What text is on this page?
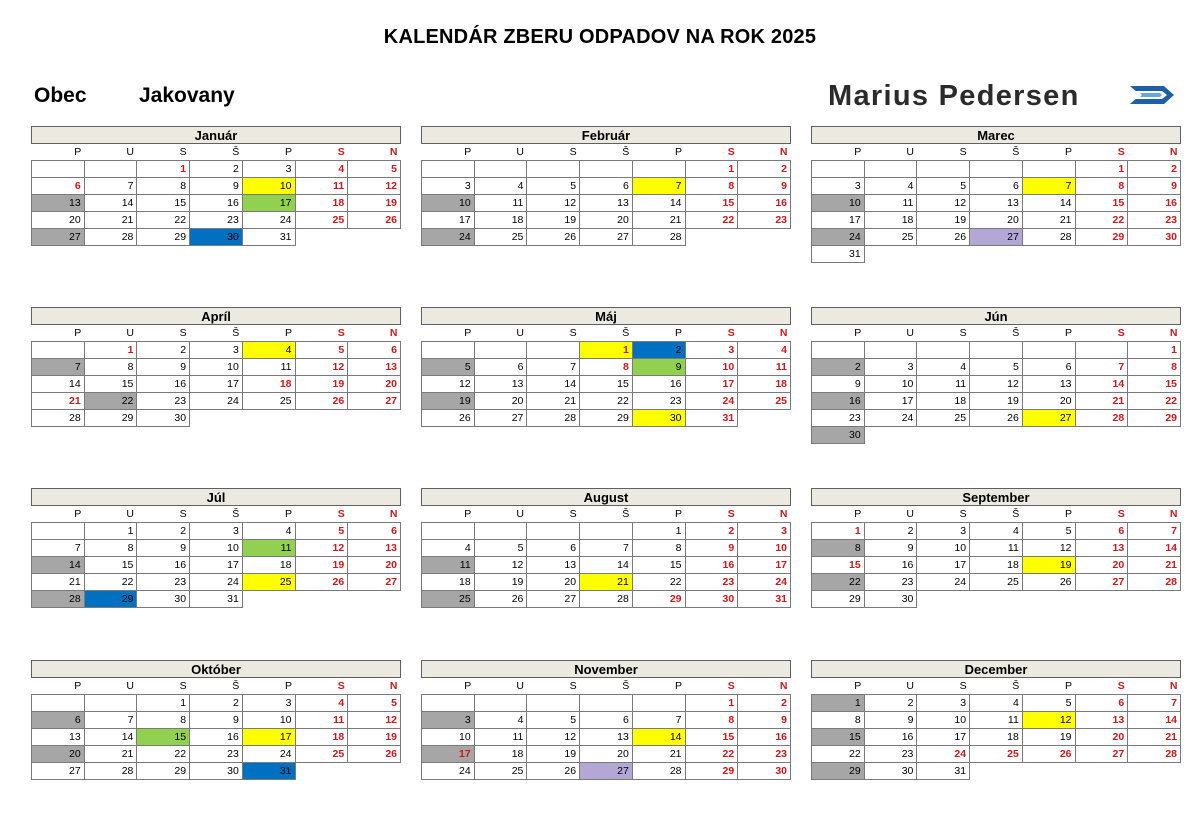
KALENDÁR ZBERU ODPADOV NA ROK 2025
Obec Jakovany	Marius Pedersen
Január
P	U	S	Š	P	S	N
		1	2	3	4	5
6	7	8	9	10	11	12
13	14	15	16	17	18	19
20	21	22	23	24	25	26
27	28	29	30	31		
Február
P	U	S	Š	P	S	N
					1	2
3	4	5	6	7	8	9
10	11	12	13	14	15	16
17	18	19	20	21	22	23
24	25	26	27	28		
Marec
P	U	S	Š	P	S	N
					1	2
3	4	5	6	7	8	9
10	11	12	13	14	15	16
17	18	19	20	21	22	23
24	25	26	27	28	29	30
31						
Apríl
P	U	S	Š	P	S	N
	1	2	3	4	5	6
7	8	9	10	11	12	13
14	15	16	17	18	19	20
21	22	23	24	25	26	27
28	29	30				
Máj
P	U	S	Š	P	S	N
			1	2	3	4
5	6	7	8	9	10	11
12	13	14	15	16	17	18
19	20	21	22	23	24	25
26	27	28	29	30	31	
Jún
P	U	S	Š	P	S	N
						1
2	3	4	5	6	7	8
9	10	11	12	13	14	15
16	17	18	19	20	21	22
23	24	25	26	27	28	29
30						
Júl
P	U	S	Š	P	S	N
	1	2	3	4	5	6
7	8	9	10	11	12	13
14	15	16	17	18	19	20
21	22	23	24	25	26	27
28	29	30	31			
August
P	U	S	Š	P	S	N
				1	2	3
4	5	6	7	8	9	10
11	12	13	14	15	16	17
18	19	20	21	22	23	24
25	26	27	28	29	30	31
September
P	U	S	Š	P	S	N
1	2	3	4	5	6	7
8	9	10	11	12	13	14
15	16	17	18	19	20	21
22	23	24	25	26	27	28
29	30					
Október
P	U	S	Š	P	S	N
		1	2	3	4	5
6	7	8	9	10	11	12
13	14	15	16	17	18	19
20	21	22	23	24	25	26
27	28	29	30	31		
November
P	U	S	Š	P	S	N
					1	2
3	4	5	6	7	8	9
10	11	12	13	14	15	16
17	18	19	20	21	22	23
24	25	26	27	28	29	30
December
P	U	S	Š	P	S	N
1	2	3	4	5	6	7
8	9	10	11	12	13	14
15	16	17	18	19	20	21
22	23	24	25	26	27	28
29	30	31				
